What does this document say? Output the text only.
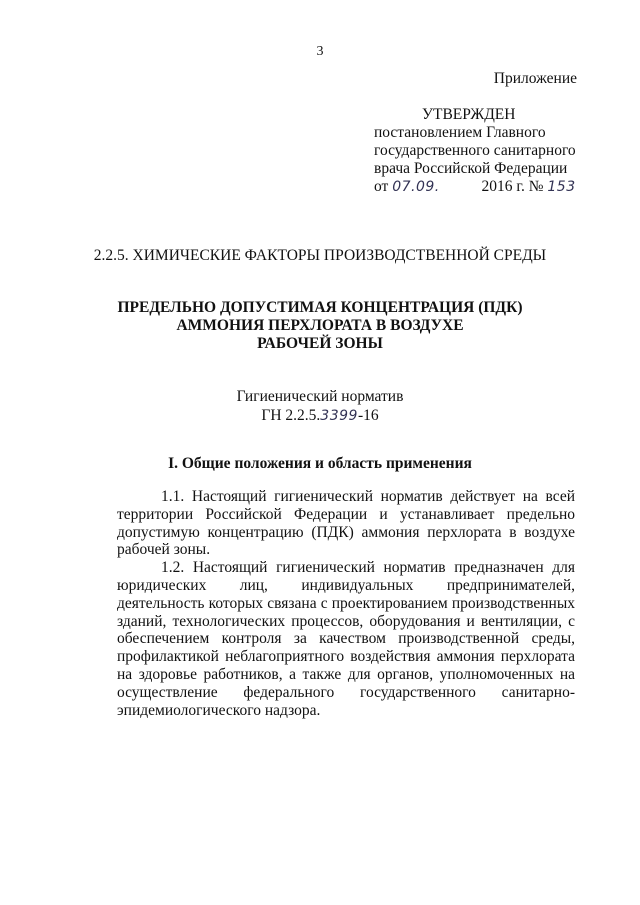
3
Приложение
УТВЕРЖДЕН
постановлением Главного
государственного санитарного
врача Российской Федерации
от 07.09.	2016 г. № 153
2.2.5. ХИМИЧЕСКИЕ ФАКТОРЫ ПРОИЗВОДСТВЕННОЙ СРЕДЫ
ПРЕДЕЛЬНО ДОПУСТИМАЯ КОНЦЕНТРАЦИЯ (ПДК)
АММОНИЯ ПЕРХЛОРАТА В ВОЗДУХЕ
РАБОЧЕЙ ЗОНЫ
Гигиенический норматив
ГН 2.2.5.3399-16
I. Общие положения и область применения

1.1. Настоящий гигиенический норматив действует на всей территории Российской Федерации и устанавливает предельно допустимую концентрацию (ПДК) аммония перхлората в воздухе рабочей зоны.

1.2. Настоящий гигиенический норматив предназначен для юридических лиц, индивидуальных предпринимателей, деятельность которых связана с проектированием производственных зданий, технологических процессов, оборудования и вентиляции, с обеспечением контроля за качеством производственной среды, профилактикой неблагоприятного воздействия аммония перхлората на здоровье работников, а также для органов, уполномоченных на осуществление федерального государственного санитарно-эпидемиологического надзора.
